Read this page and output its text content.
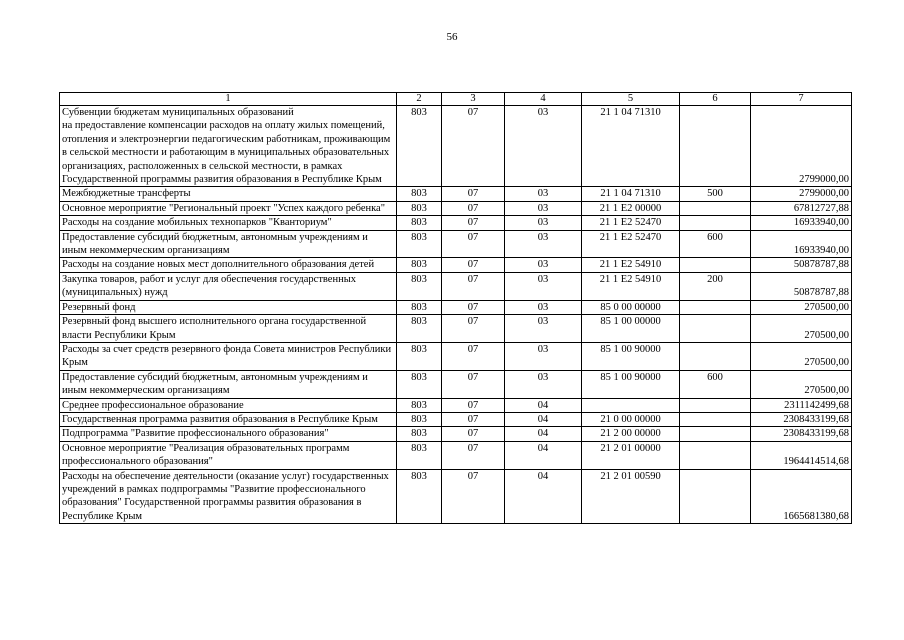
56
1	2	3	4	5	6	7
Субвенции бюджетам муниципальных образований
на предоставление компенсации расходов на оплату жилых помещений, отопления и электроэнергии педагогическим работникам, проживающим в сельской местности и работающим в муниципальных образовательных организациях, расположенных в сельской местности, в рамках Государственной программы развития образования в Республике Крым	803	07	03	21 1 04 71310		2799000,00
Межбюджетные трансферты	803	07	03	21 1 04 71310	500	2799000,00
Основное мероприятие "Региональный проект "Успех каждого ребенка"	803	07	03	21 1 E2 00000		67812727,88
Расходы на создание мобильных технопарков "Кванториум"	803	07	03	21 1 E2 52470		16933940,00
Предоставление субсидий бюджетным, автономным учреждениям и иным некоммерческим организациям	803	07	03	21 1 E2 52470	600	16933940,00
Расходы на создание новых мест дополнительного образования детей	803	07	03	21 1 E2 54910		50878787,88
Закупка товаров, работ и услуг для обеспечения государственных (муниципальных) нужд	803	07	03	21 1 E2 54910	200	50878787,88
Резервный фонд	803	07	03	85 0 00 00000		270500,00
Резервный фонд высшего исполнительного органа государственной власти Республики Крым	803	07	03	85 1 00 00000		270500,00
Расходы за счет средств резервного фонда Совета министров Республики Крым	803	07	03	85 1 00 90000		270500,00
Предоставление субсидий бюджетным, автономным учреждениям и иным некоммерческим организациям	803	07	03	85 1 00 90000	600	270500,00
Среднее профессиональное образование	803	07	04			2311142499,68
Государственная программа развития образования в Республике Крым	803	07	04	21 0 00 00000		2308433199,68
Подпрограмма "Развитие профессионального образования"	803	07	04	21 2 00 00000		2308433199,68
Основное мероприятие "Реализация образовательных программ профессионального образования"	803	07	04	21 2 01 00000		1964414514,68
Расходы на обеспечение деятельности (оказание услуг) государственных учреждений в рамках подпрограммы "Развитие профессионального образования" Государственной программы развития образования в Республике Крым	803	07	04	21 2 01 00590		1665681380,68
